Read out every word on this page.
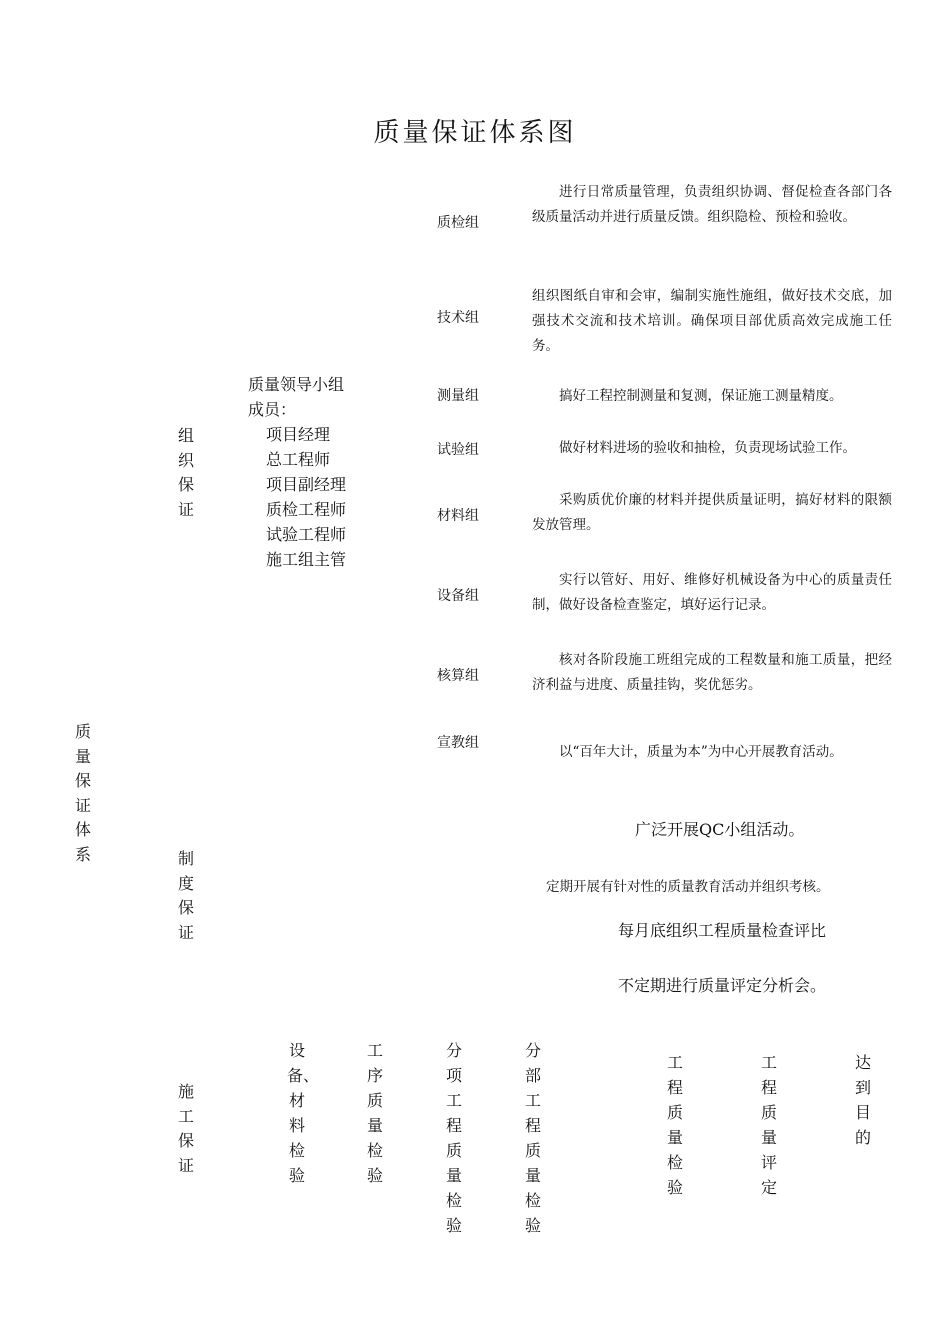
质量保证体系图
质量保证体系
组织保证
制度保证
施工保证
质量领导小组
成员：
项目经理
总工程师
项目副经理
质检工程师
试验工程师
施工组主管
质检组
进行日常质量管理，负责组织协调、督促检查各部门各级质量活动并进行质量反馈。组织隐检、预检和验收。
技术组
组织图纸自审和会审，编制实施性施组，做好技术交底，加强技术交流和技术培训。确保项目部优质高效完成施工任务。
测量组	搞好工程控制测量和复测，保证施工测量精度。
试验组	做好材料进场的验收和抽检，负责现场试验工作。
材料组
采购质优价廉的材料并提供质量证明，搞好材料的限额发放管理。
设备组
实行以管好、用好、维修好机械设备为中心的质量责任制，做好设备检查鉴定，填好运行记录。
核算组
核对各阶段施工班组完成的工程数量和施工质量，把经济利益与进度、质量挂钩，奖优惩劣。
宣教组
以“百年大计，质量为本”为中心开展教育活动。
广泛开展QC小组活动。
定期开展有针对性的质量教育活动并组织考核。
每月底组织工程质量检查评比
不定期进行质量评定分析会。
设备、材料检验
工序质量检验
分项工程质量检验
分部工程质量检验
工程质量检验
工程质量评定
达到目的
